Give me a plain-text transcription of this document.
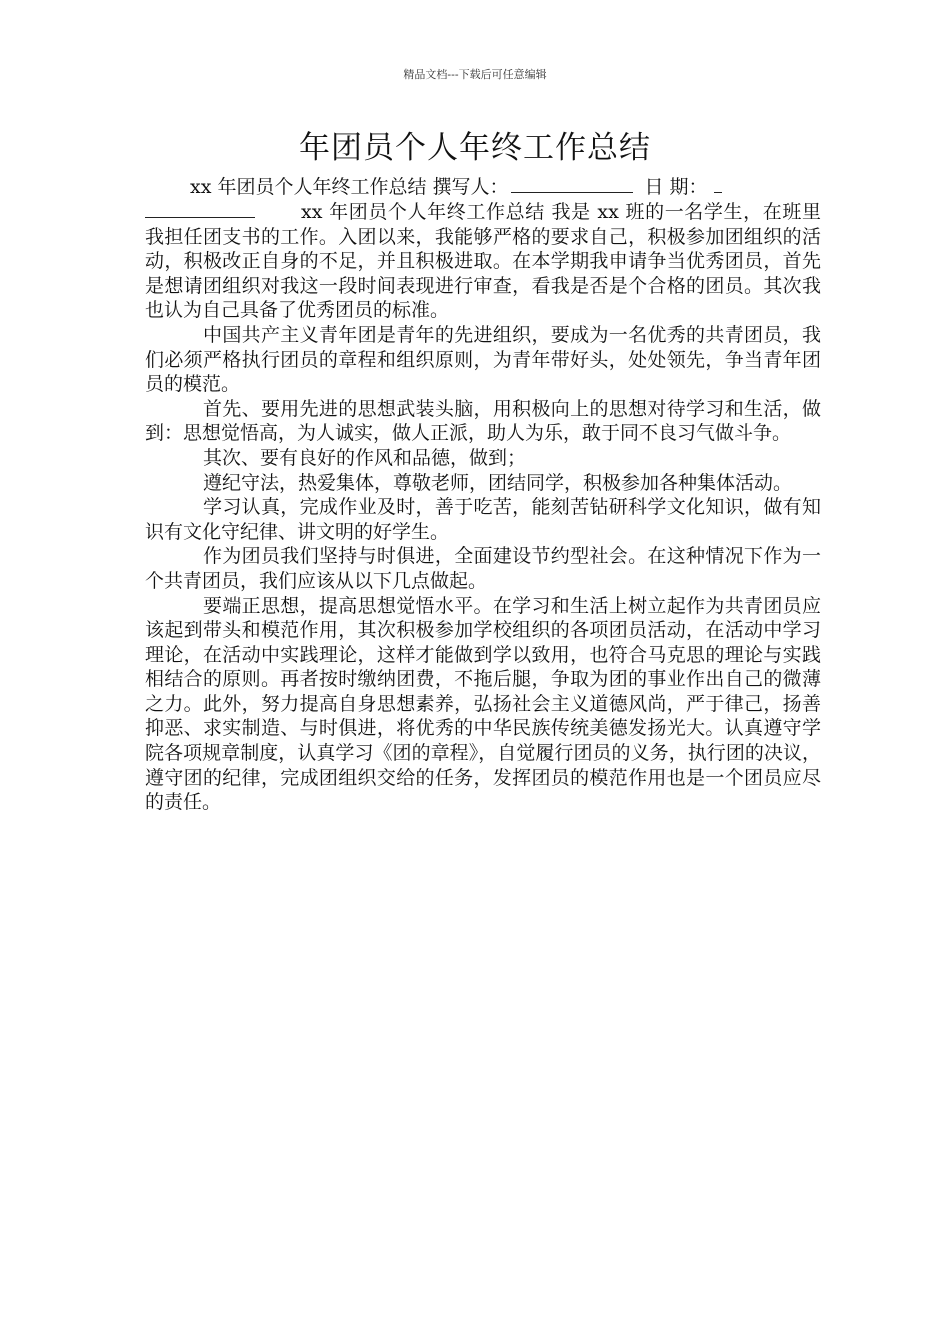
精品文档---下载后可任意编辑
年团员个人年终工作总结
xx 年团员个人年终工作总结 撰写人：	日 期：

xx 年团员个人年终工作总结 我是 xx 班的一名学生，在班里我担任团支书的工作。入团以来，我能够严格的要求自己，积极参加团组织的活动，积极改正自身的不足，并且积极进取。在本学期我申请争当优秀团员，首先是想请团组织对我这一段时间表现进行审查，看我是否是个合格的团员。其次我也认为自己具备了优秀团员的标准。

中国共产主义青年团是青年的先进组织，要成为一名优秀的共青团员，我们必须严格执行团员的章程和组织原则，为青年带好头，处处领先，争当青年团员的模范。

首先、要用先进的思想武装头脑，用积极向上的思想对待学习和生活，做到：思想觉悟高，为人诚实，做人正派，助人为乐，敢于同不良习气做斗争。

其次、要有良好的作风和品德，做到；

遵纪守法，热爱集体，尊敬老师，团结同学，积极参加各种集体活动。

学习认真，完成作业及时，善于吃苦，能刻苦钻研科学文化知识，做有知识有文化守纪律、讲文明的好学生。

作为团员我们坚持与时俱进，全面建设节约型社会。在这种情况下作为一个共青团员，我们应该从以下几点做起。

要端正思想，提高思想觉悟水平。在学习和生活上树立起作为共青团员应该起到带头和模范作用，其次积极参加学校组织的各项团员活动，在活动中学习理论，在活动中实践理论，这样才能做到学以致用，也符合马克思的理论与实践相结合的原则。再者按时缴纳团费，不拖后腿，争取为团的事业作出自己的微薄之力。此外，努力提高自身思想素养，弘扬社会主义道德风尚，严于律己，扬善抑恶、求实制造、与时俱进，将优秀的中华民族传统美德发扬光大。认真遵守学院各项规章制度，认真学习《团的章程》，自觉履行团员的义务，执行团的决议，遵守团的纪律，完成团组织交给的任务，发挥团员的模范作用也是一个团员应尽的责任。
